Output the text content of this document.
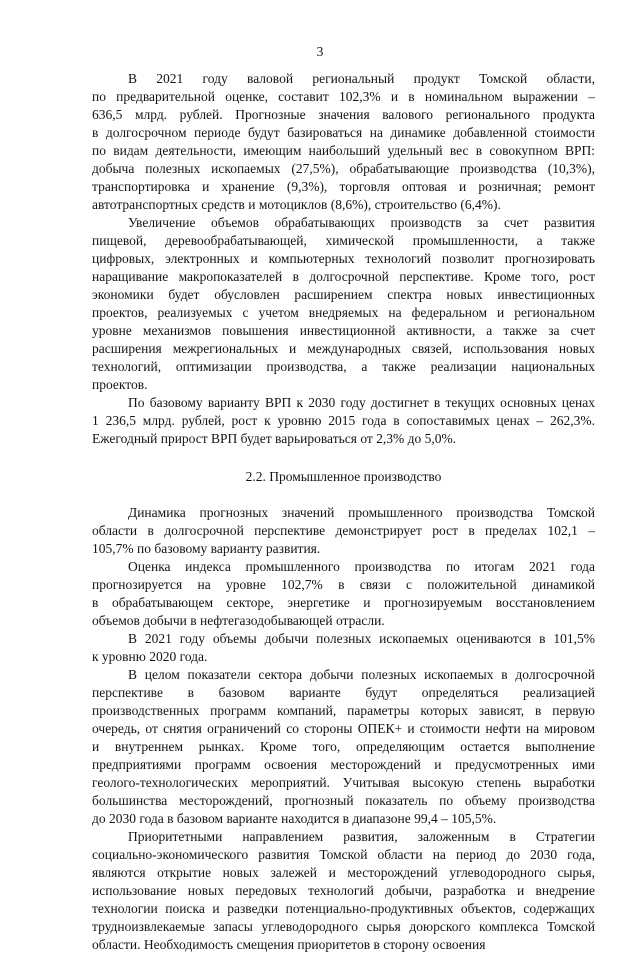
3
В 2021 году валовой региональный продукт Томской области,
по предварительной оценке, составит 102,3% и в номинальном выражении –
636,5 млрд. рублей. Прогнозные значения валового регионального продукта
в долгосрочном периоде будут базироваться на динамике добавленной стоимости
по видам деятельности, имеющим наибольший удельный вес в совокупном ВРП:
добыча полезных ископаемых (27,5%), обрабатывающие производства (10,3%),
транспортировка и хранение (9,3%), торговля оптовая и розничная; ремонт
автотранспортных средств и мотоциклов (8,6%), строительство (6,4%).
Увеличение объемов обрабатывающих производств за счет развития
пищевой, деревообрабатывающей, химической промышленности, а также
цифровых, электронных и компьютерных технологий позволит прогнозировать
наращивание макропоказателей в долгосрочной перспективе. Кроме того, рост
экономики будет обусловлен расширением спектра новых инвестиционных
проектов, реализуемых с учетом внедряемых на федеральном и региональном
уровне механизмов повышения инвестиционной активности, а также за счет
расширения межрегиональных и международных связей, использования новых
технологий, оптимизации производства, а также реализации национальных
проектов.
По базовому варианту ВРП к 2030 году достигнет в текущих основных ценах
1 236,5 млрд. рублей, рост к уровню 2015 года в сопоставимых ценах – 262,3%.
Ежегодный прирост ВРП будет варьироваться от 2,3% до 5,0%.
2.2. Промышленное производство
Динамика прогнозных значений промышленного производства Томской
области в долгосрочной перспективе демонстрирует рост в пределах 102,1 –
105,7% по базовому варианту развития.
Оценка индекса промышленного производства по итогам 2021 года
прогнозируется на уровне 102,7% в связи с положительной динамикой
в обрабатывающем секторе, энергетике и прогнозируемым восстановлением
объемов добычи в нефтегазодобывающей отрасли.
В 2021 году объемы добычи полезных ископаемых оцениваются в 101,5%
к уровню 2020 года.
В целом показатели сектора добычи полезных ископаемых в долгосрочной
перспективе в базовом варианте будут определяться реализацией
производственных программ компаний, параметры которых зависят, в первую
очередь, от снятия ограничений со стороны ОПЕК+ и стоимости нефти на мировом
и внутреннем рынках. Кроме того, определяющим остается выполнение
предприятиями программ освоения месторождений и предусмотренных ими
геолого-технологических мероприятий. Учитывая высокую степень выработки
большинства месторождений, прогнозный показатель по объему производства
до 2030 года в базовом варианте находится в диапазоне 99,4 – 105,5%.
Приоритетными направлением развития, заложенным в Стратегии
социально-экономического развития Томской области на период до 2030 года,
являются открытие новых залежей и месторождений углеводородного сырья,
использование новых передовых технологий добычи, разработка и внедрение
технологии поиска и разведки потенциально-продуктивных объектов, содержащих
трудноизвлекаемые запасы углеводородного сырья доюрского комплекса Томской
области. Необходимость смещения приоритетов в сторону освоения
